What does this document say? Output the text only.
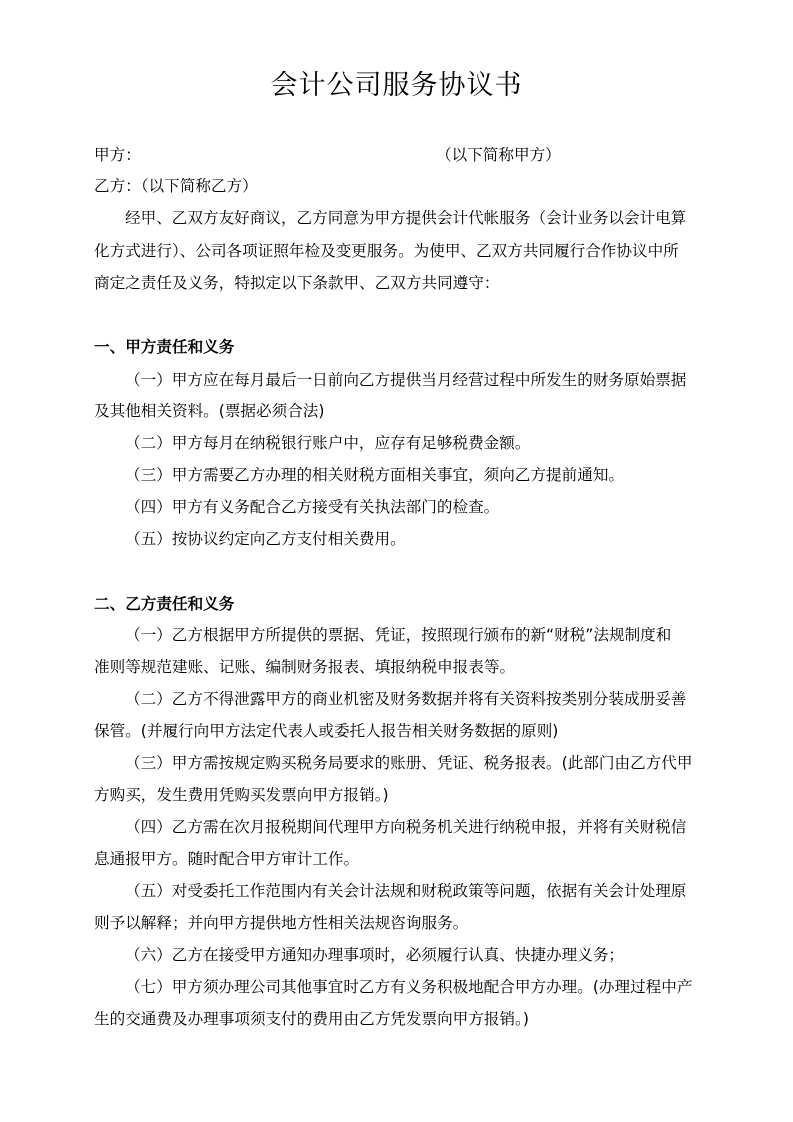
会计公司服务协议书
甲方：	（以下简称甲方）
乙方：（以下简称乙方）
经甲、乙双方友好商议，乙方同意为甲方提供会计代帐服务（会计业务以会计电算
化方式进行）、公司各项证照年检及变更服务。为使甲、乙双方共同履行合作协议中所
商定之责任及义务，特拟定以下条款甲、乙双方共同遵守：
一、甲方责任和义务
（一）甲方应在每月最后一日前向乙方提供当月经营过程中所发生的财务原始票据
及其他相关资料。(票据必须合法)
（二）甲方每月在纳税银行账户中，应存有足够税费金额。
（三）甲方需要乙方办理的相关财税方面相关事宜，须向乙方提前通知。
（四）甲方有义务配合乙方接受有关执法部门的检查。
（五）按协议约定向乙方支付相关费用。
二、乙方责任和义务
（一）乙方根据甲方所提供的票据、凭证，按照现行颁布的新“财税”法规制度和
准则等规范建账、记账、编制财务报表、填报纳税申报表等。
（二）乙方不得泄露甲方的商业机密及财务数据并将有关资料按类别分装成册妥善
保管。(并履行向甲方法定代表人或委托人报告相关财务数据的原则)
（三）甲方需按规定购买税务局要求的账册、凭证、税务报表。(此部门由乙方代甲
方购买，发生费用凭购买发票向甲方报销。)
（四）乙方需在次月报税期间代理甲方向税务机关进行纳税申报，并将有关财税信
息通报甲方。随时配合甲方审计工作。
（五）对受委托工作范围内有关会计法规和财税政策等问题，依据有关会计处理原
则予以解释；并向甲方提供地方性相关法规咨询服务。
（六）乙方在接受甲方通知办理事项时，必须履行认真、快捷办理义务；
（七）甲方须办理公司其他事宜时乙方有义务积极地配合甲方办理。(办理过程中产
生的交通费及办理事项须支付的费用由乙方凭发票向甲方报销。)
